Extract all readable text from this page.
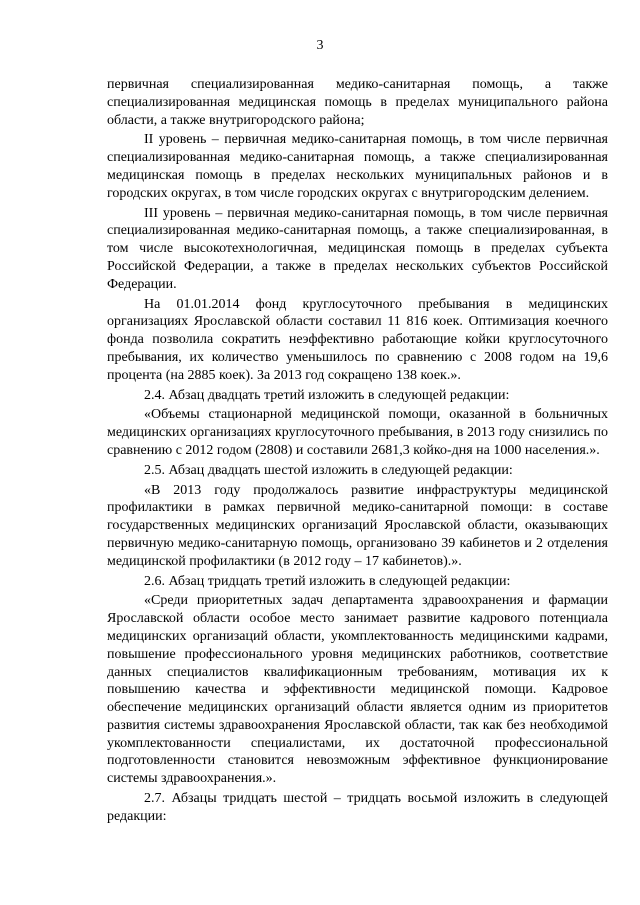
3

первичная специализированная медико-санитарная помощь, а также специализированная медицинская помощь в пределах муниципального района области, а также внутригородского района;

II уровень – первичная медико-санитарная помощь, в том числе первичная специализированная медико-санитарная помощь, а также специализированная медицинская помощь в пределах нескольких муниципальных районов и в городских округах, в том числе городских округах с внутригородским делением.

III уровень – первичная медико-санитарная помощь, в том числе первичная специализированная медико-санитарная помощь, а также специализированная, в том числе высокотехнологичная, медицинская помощь в пределах субъекта Российской Федерации, а также в пределах нескольких субъектов Российской Федерации.

На 01.01.2014 фонд круглосуточного пребывания в медицинских организациях Ярославской области составил 11 816 коек. Оптимизация коечного фонда позволила сократить неэффективно работающие койки круглосуточного пребывания, их количество уменьшилось по сравнению с 2008 годом на 19,6 процента (на 2885 коек). За 2013 год сокращено 138 коек.».

2.4. Абзац двадцать третий изложить в следующей редакции:

«Объемы стационарной медицинской помощи, оказанной в больничных медицинских организациях круглосуточного пребывания, в 2013 году снизились по сравнению с 2012 годом (2808) и составили 2681,3 койко-дня на 1000 населения.».

2.5. Абзац двадцать шестой изложить в следующей редакции:

«В 2013 году продолжалось развитие инфраструктуры медицинской профилактики в рамках первичной медико-санитарной помощи: в составе государственных медицинских организаций Ярославской области, оказывающих первичную медико-санитарную помощь, организовано 39 кабинетов и 2 отделения медицинской профилактики (в 2012 году – 17 кабинетов).».

2.6. Абзац тридцать третий изложить в следующей редакции:

«Среди приоритетных задач департамента здравоохранения и фармации Ярославской области особое место занимает развитие кадрового потенциала медицинских организаций области, укомплектованность медицинскими кадрами, повышение профессионального уровня медицинских работников, соответствие данных специалистов квалификационным требованиям, мотивация их к повышению качества и эффективности медицинской помощи. Кадровое обеспечение медицинских организаций области является одним из приоритетов развития системы здравоохранения Ярославской области, так как без необходимой укомплектованности специалистами, их достаточной профессиональной подготовленности становится невозможным эффективное функционирование системы здравоохранения.».

2.7. Абзацы тридцать шестой – тридцать восьмой изложить в следующей редакции:
